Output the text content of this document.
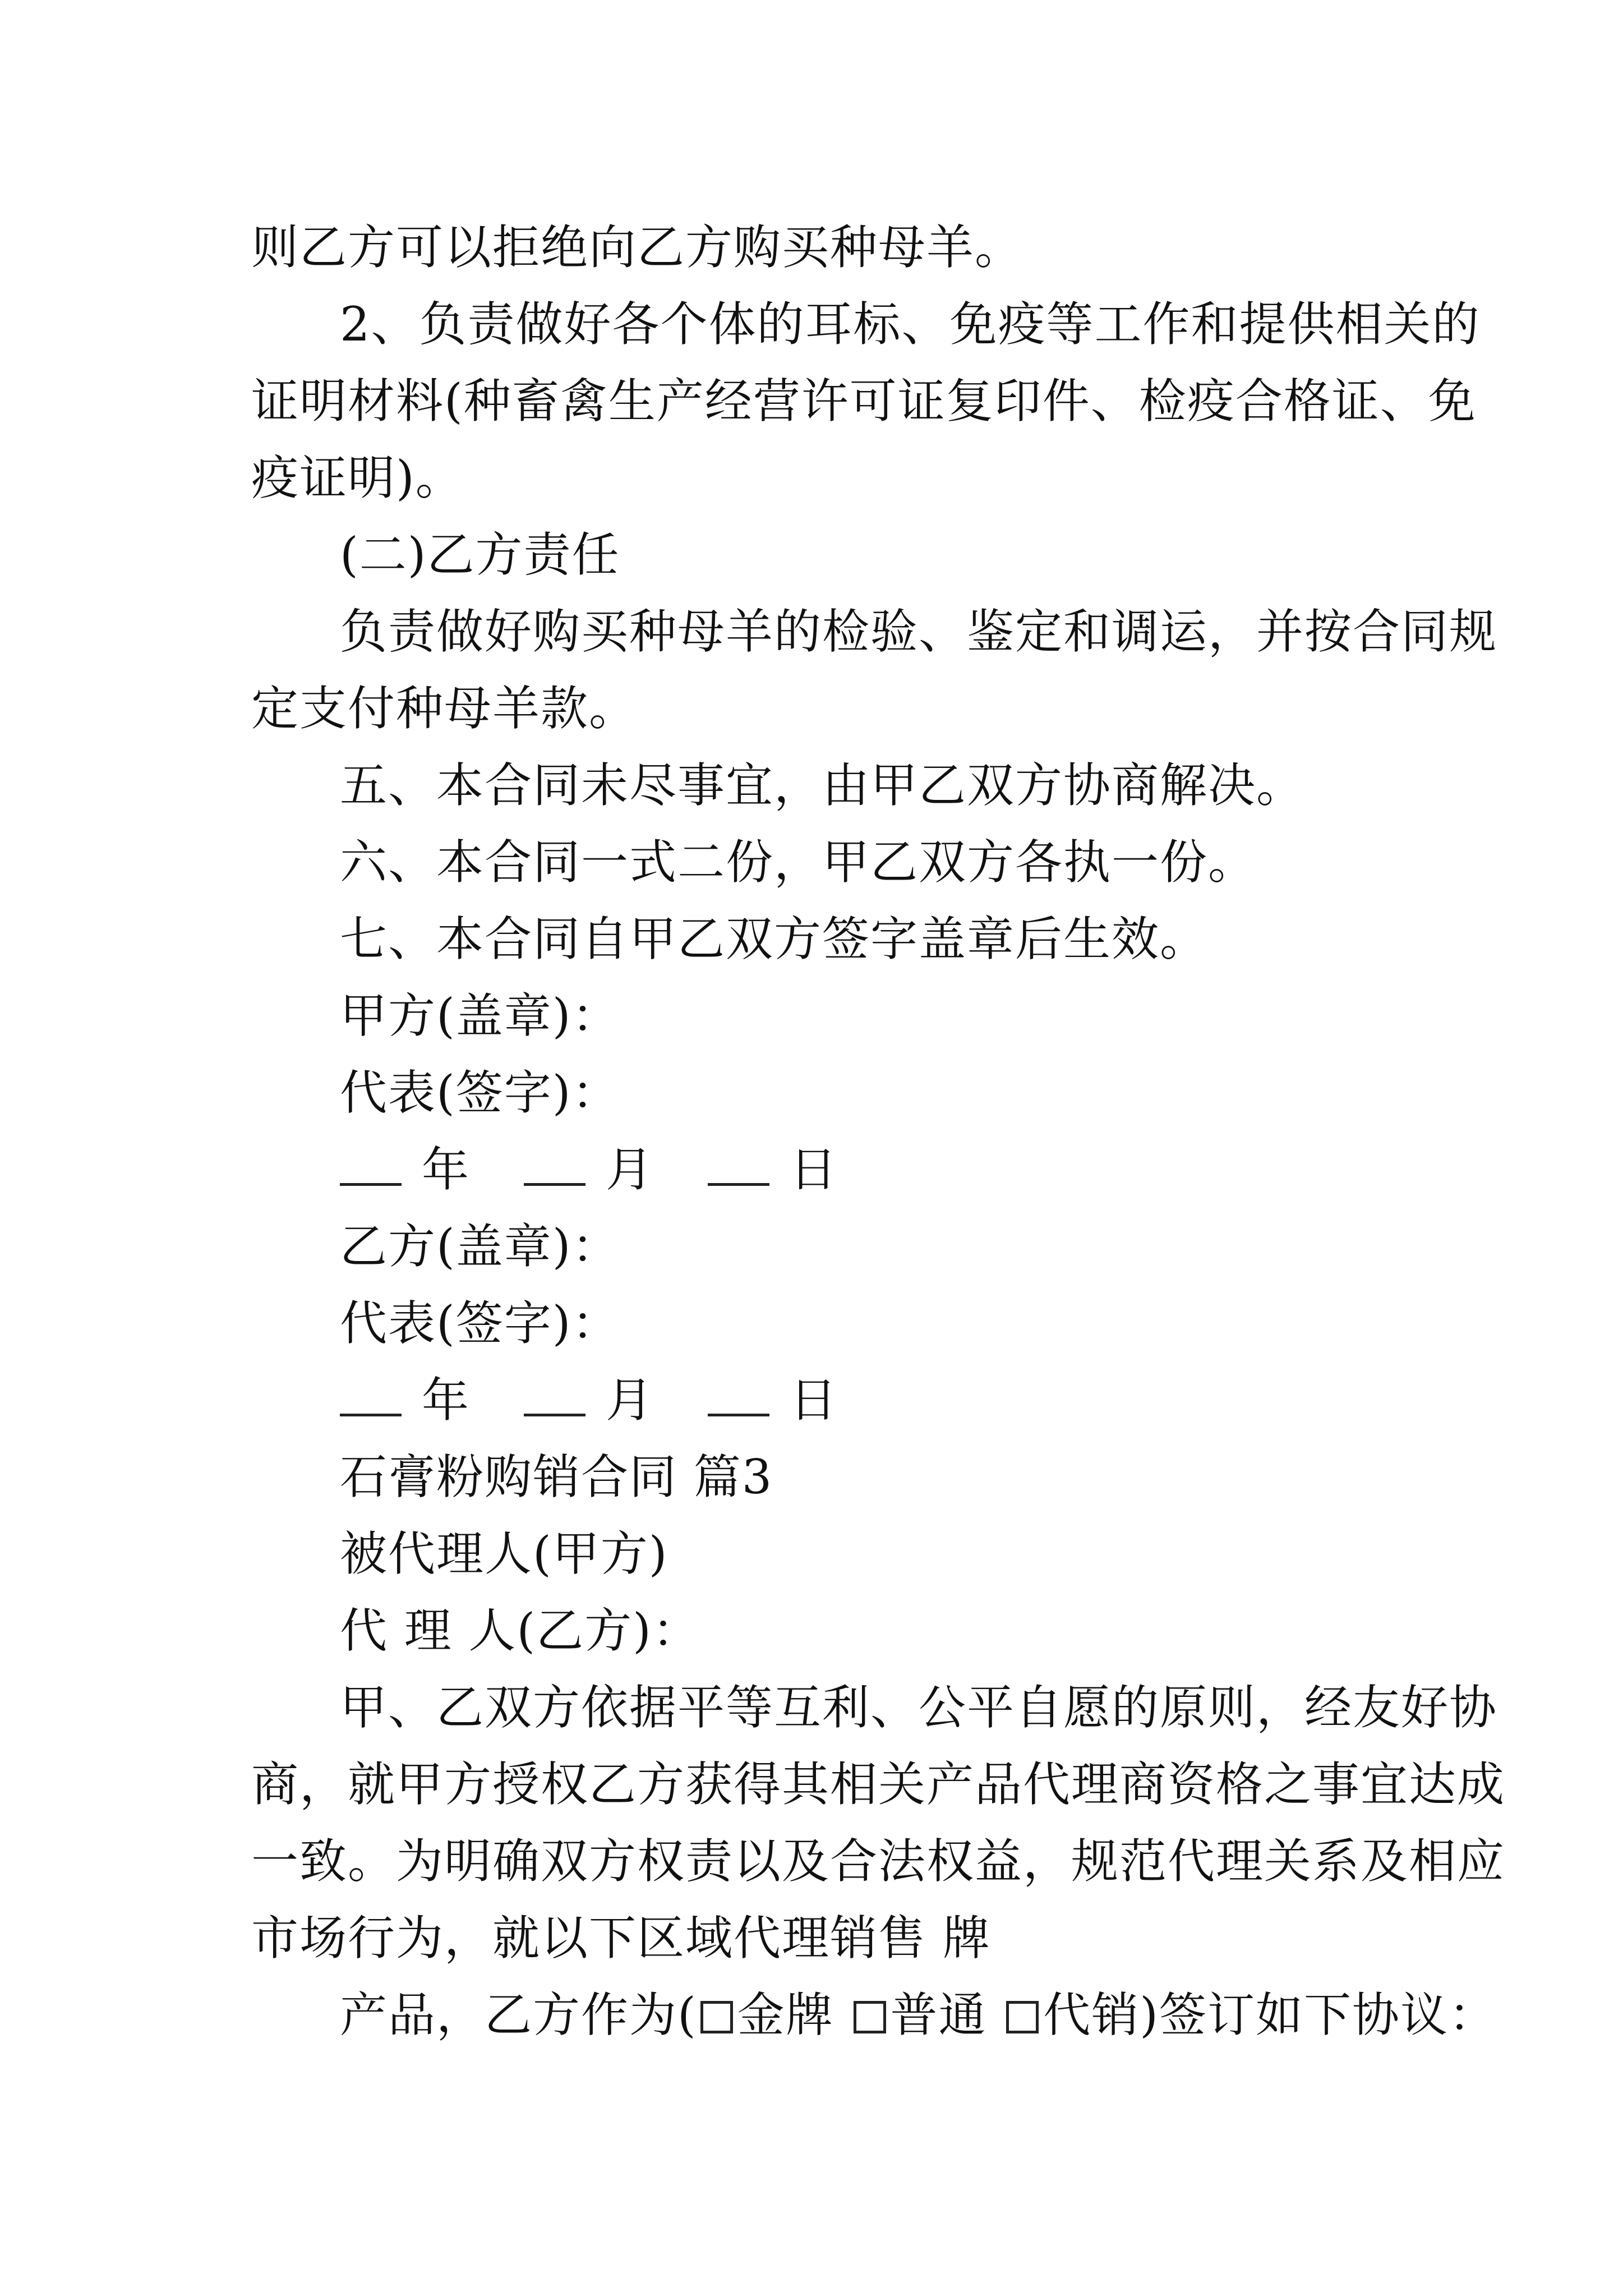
则乙方可以拒绝向乙方购买种母羊。
2、负责做好各个体的耳标、免疫等工作和提供相关的
证明材料(种畜禽生产经营许可证复印件、检疫合格证、免
疫证明)。
(二)乙方责任
负责做好购买种母羊的检验、鉴定和调运，并按合同规
定支付种母羊款。
五、本合同未尽事宜，由甲乙双方协商解决。
六、本合同一式二份，甲乙双方各执一份。
七、本合同自甲乙双方签字盖章后生效。
甲方(盖章)：
代表(签字)：
年	月	日
乙方(盖章)：
代表(签字)：
年	月	日
石膏粉购销合同 篇3
被代理人(甲方)
代 理 人(乙方)：
甲、乙双方依据平等互利、公平自愿的原则，经友好协
商，就甲方授权乙方获得其相关产品代理商资格之事宜达成
一致。为明确双方权责以及合法权益，规范代理关系及相应
市场行为，就以下区域代理销售 牌
产品，乙方作为( 金牌 普通 代销)签订如下协议：
